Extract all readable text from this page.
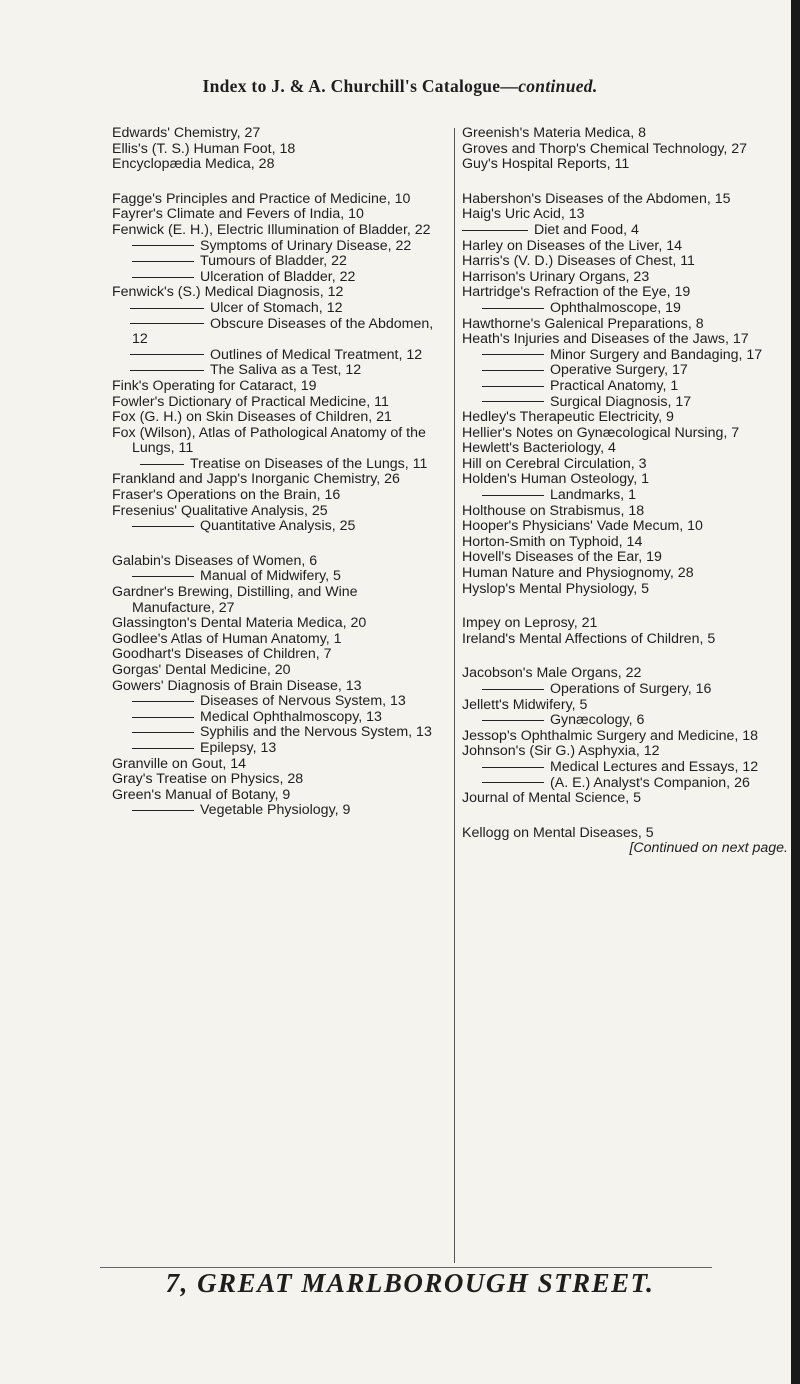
Index to J. & A. Churchill's Catalogue—continued.
Edwards' Chemistry, 27
Ellis's (T. S.) Human Foot, 18
Encyclopædia Medica, 28
Fagge's Principles and Practice of Medicine, 10
Fayrer's Climate and Fevers of India, 10
Fenwick (E. H.), Electric Illumination of Bladder, 22
Symptoms of Urinary Disease, 22
Tumours of Bladder, 22
Ulceration of Bladder, 22
Fenwick's (S.) Medical Diagnosis, 12
Ulcer of Stomach, 12
Obscure Diseases of the Abdomen, 12
Outlines of Medical Treatment, 12
The Saliva as a Test, 12
Fink's Operating for Cataract, 19
Fowler's Dictionary of Practical Medicine, 11
Fox (G. H.) on Skin Diseases of Children, 21
Fox (Wilson), Atlas of Pathological Anatomy of the Lungs, 11
Treatise on Diseases of the Lungs, 11
Frankland and Japp's Inorganic Chemistry, 26
Fraser's Operations on the Brain, 16
Fresenius' Qualitative Analysis, 25
Quantitative Analysis, 25
Galabin's Diseases of Women, 6
Manual of Midwifery, 5
Gardner's Brewing, Distilling, and Wine Manufacture, 27
Glassington's Dental Materia Medica, 20
Godlee's Atlas of Human Anatomy, 1
Goodhart's Diseases of Children, 7
Gorgas' Dental Medicine, 20
Gowers' Diagnosis of Brain Disease, 13
Diseases of Nervous System, 13
Medical Ophthalmoscopy, 13
Syphilis and the Nervous System, 13
Epilepsy, 13
Granville on Gout, 14
Gray's Treatise on Physics, 28
Green's Manual of Botany, 9
Vegetable Physiology, 9
Greenish's Materia Medica, 8
Groves and Thorp's Chemical Technology, 27
Guy's Hospital Reports, 11
Habershon's Diseases of the Abdomen, 15
Haig's Uric Acid, 13
Diet and Food, 4
Harley on Diseases of the Liver, 14
Harris's (V. D.) Diseases of Chest, 11
Harrison's Urinary Organs, 23
Hartridge's Refraction of the Eye, 19
Ophthalmoscope, 19
Hawthorne's Galenical Preparations, 8
Heath's Injuries and Diseases of the Jaws, 17
Minor Surgery and Bandaging, 17
Operative Surgery, 17
Practical Anatomy, 1
Surgical Diagnosis, 17
Hedley's Therapeutic Electricity, 9
Hellier's Notes on Gynæcological Nursing, 7
Hewlett's Bacteriology, 4
Hill on Cerebral Circulation, 3
Holden's Human Osteology, 1
Landmarks, 1
Holthouse on Strabismus, 18
Hooper's Physicians' Vade Mecum, 10
Horton-Smith on Typhoid, 14
Hovell's Diseases of the Ear, 19
Human Nature and Physiognomy, 28
Hyslop's Mental Physiology, 5
Impey on Leprosy, 21
Ireland's Mental Affections of Children, 5
Jacobson's Male Organs, 22
Operations of Surgery, 16
Jellett's Midwifery, 5
Gynæcology, 6
Jessop's Ophthalmic Surgery and Medicine, 18
Johnson's (Sir G.) Asphyxia, 12
Medical Lectures and Essays, 12
(A. E.) Analyst's Companion, 26
Journal of Mental Science, 5
Kellogg on Mental Diseases, 5
[Continued on next page.
7, GREAT MARLBOROUGH STREET.
